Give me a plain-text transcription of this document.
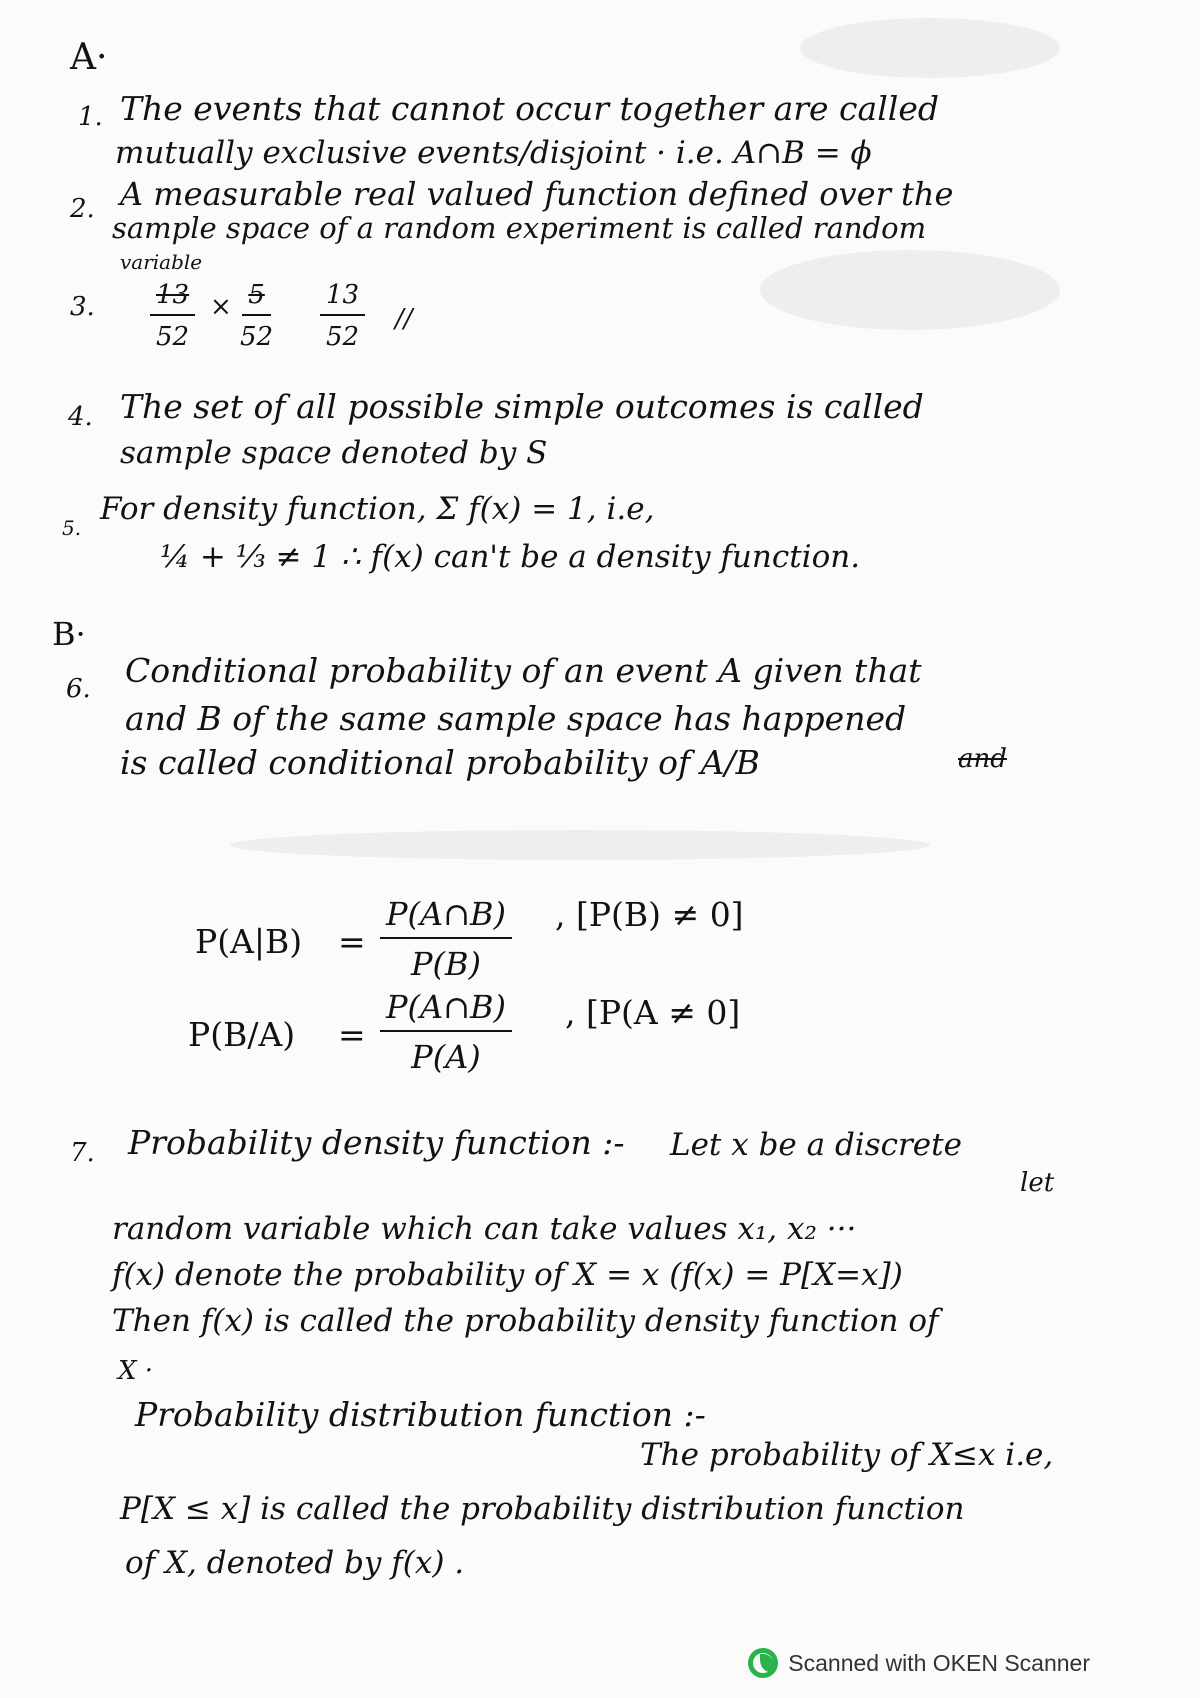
A·
1. The events that cannot occur together are called
mutually exclusive events/disjoint · i.e. A∩B = ϕ
2. A measurable real valued function defined over the
sample space of a random experiment is called random
variable
3. $\frac{13}{52} \times \frac{5}{52} \frac{13}{52}$ //
4. The set of all possible simple outcomes is called
sample space denoted by S
5.
For density function, Σ f(x) = 1, i.e,
¼ + ⅓ ≠ 1 ∴ f(x) can't be a density function.
B·
6. Conditional probability of an event A given that
and B of the same sample space has happened
is called conditional probability of A/B	and
$P(A|B) = \frac{P(A\cap B)}{P(B)}$ , [P(B) ≠ 0]
$P(B/A) = \frac{P(A\cap B)}{P(A)}$ , [P(A ≠ 0]
7. Probability density function :- Let x be a discrete
let
random variable which can take values x₁, x₂ ···
f(x) denote the probability of X = x (f(x) = P[X=x])
Then f(x) is called the probability density function of
X ·
Probability distribution function :-
The probability of X≤x i.e,
P[X ≤ x] is called the probability distribution function
of X, denoted by f(x) .
Scanned with OKEN Scanner
